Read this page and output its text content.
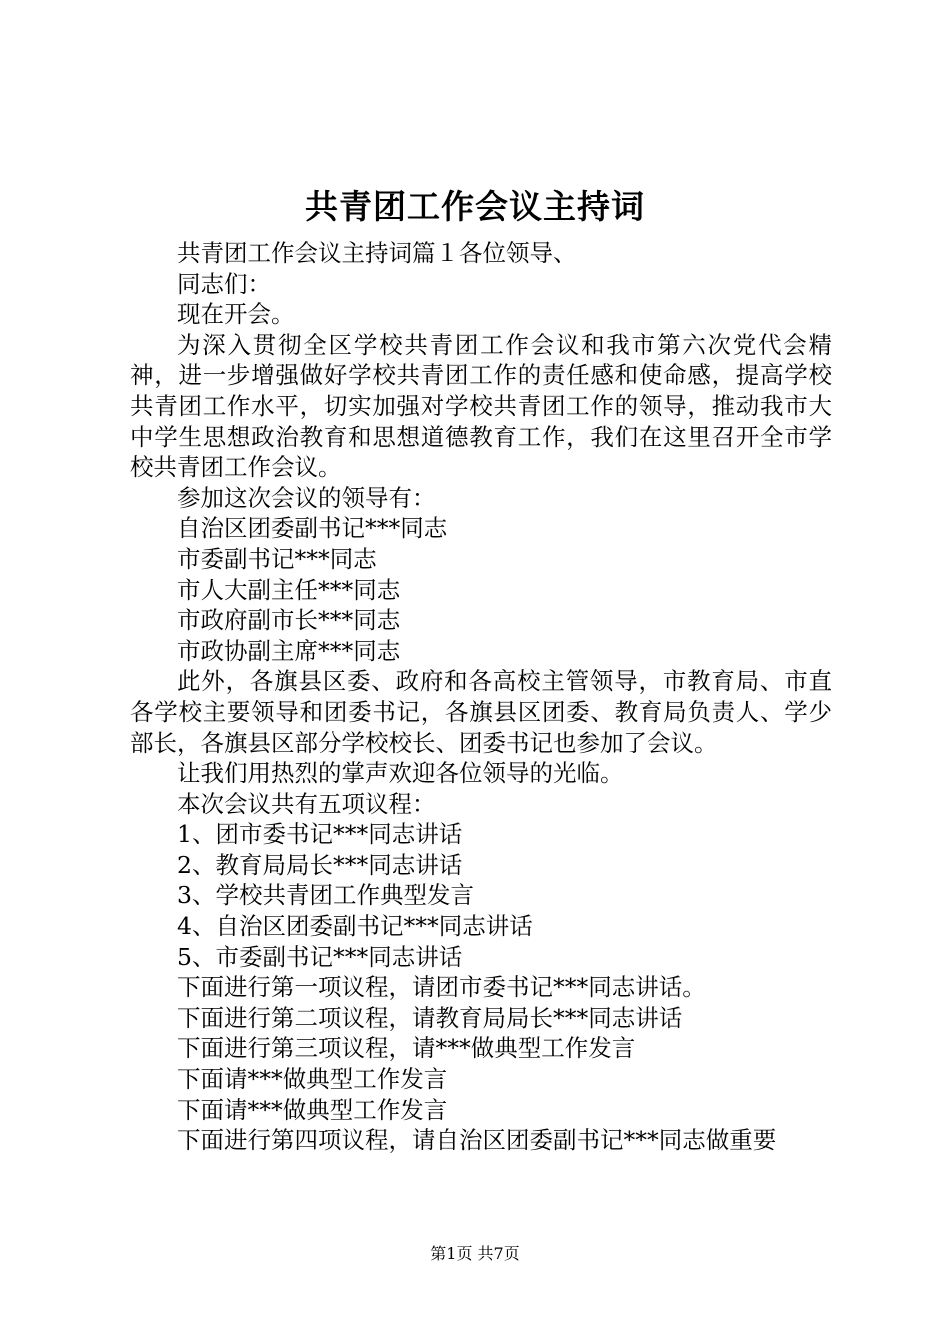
共青团工作会议主持词

共青团工作会议主持词篇１各位领导、

同志们：

现在开会。

为深入贯彻全区学校共青团工作会议和我市第六次党代会精神，进一步增强做好学校共青团工作的责任感和使命感，提高学校共青团工作水平，切实加强对学校共青团工作的领导，推动我市大中学生思想政治教育和思想道德教育工作，我们在这里召开全市学校共青团工作会议。

参加这次会议的领导有：

自治区团委副书记***同志

市委副书记***同志

市人大副主任***同志

市政府副市长***同志

市政协副主席***同志

此外，各旗县区委、政府和各高校主管领导，市教育局、市直各学校主要领导和团委书记，各旗县区团委、教育局负责人、学少部长，各旗县区部分学校校长、团委书记也参加了会议。

让我们用热烈的掌声欢迎各位领导的光临。

本次会议共有五项议程：

1、团市委书记***同志讲话

2、教育局局长***同志讲话

3、学校共青团工作典型发言

4、自治区团委副书记***同志讲话

5、市委副书记***同志讲话

下面进行第一项议程，请团市委书记***同志讲话。

下面进行第二项议程，请教育局局长***同志讲话

下面进行第三项议程，请***做典型工作发言

下面请***做典型工作发言

下面请***做典型工作发言

下面进行第四项议程，请自治区团委副书记***同志做重要

第1页 共7页
